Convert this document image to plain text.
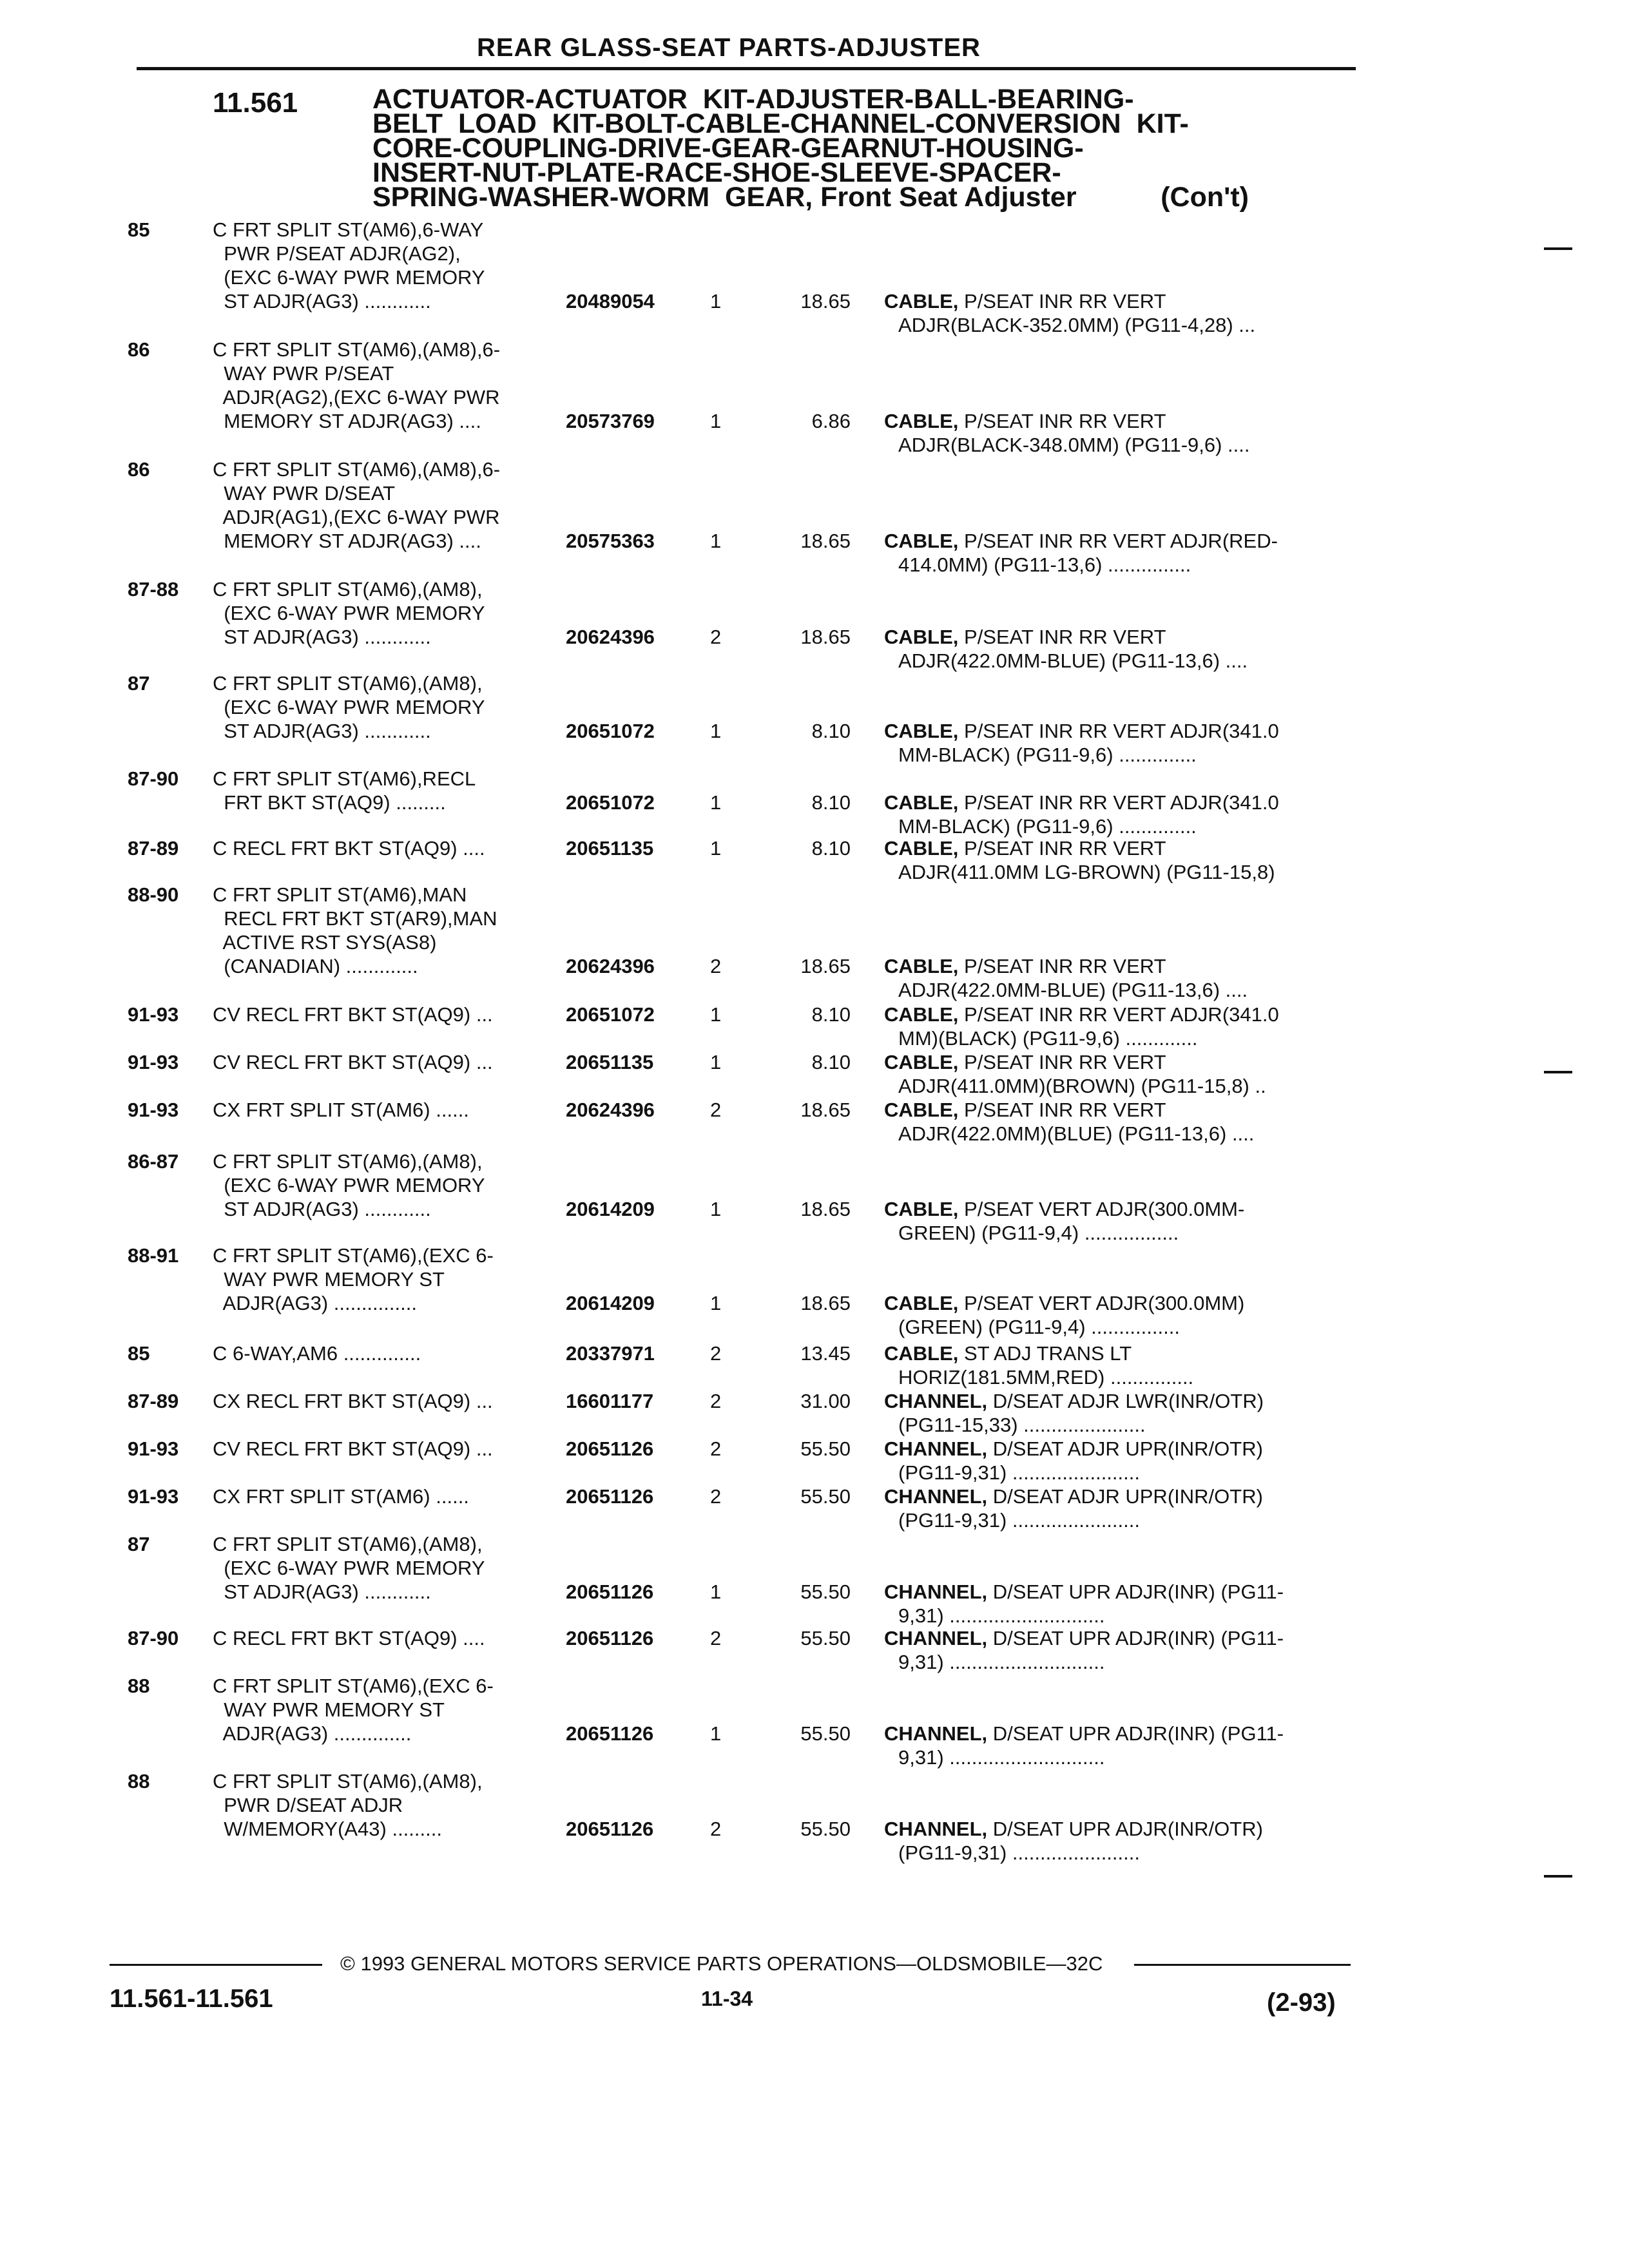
REAR GLASS-SEAT PARTS-ADJUSTER
11.561	ACTUATOR-ACTUATOR  KIT-ADJUSTER-BALL-BEARING-
BELT  LOAD  KIT-BOLT-CABLE-CHANNEL-CONVERSION  KIT-
CORE-COUPLING-DRIVE-GEAR-GEARNUT-HOUSING-
INSERT-NUT-PLATE-RACE-SHOE-SLEEVE-SPACER-
SPRING-WASHER-WORM  GEAR, Front Seat Adjuster	(Con't)
85	C FRT SPLIT ST(AM6),6-WAY
PWR P/SEAT ADJR(AG2),
(EXC 6-WAY PWR MEMORY
ST ADJR(AG3) ............	20489054	1	18.65 CABLE, P/SEAT INR RR VERT
ADJR(BLACK-352.0MM) (PG11-4,28) ...
86	C FRT SPLIT ST(AM6),(AM8),6-
WAY PWR P/SEAT
ADJR(AG2),(EXC 6-WAY PWR
MEMORY ST ADJR(AG3) ....	20573769	1	6.86 CABLE, P/SEAT INR RR VERT
ADJR(BLACK-348.0MM) (PG11-9,6) ....
86	C FRT SPLIT ST(AM6),(AM8),6-
WAY PWR D/SEAT
ADJR(AG1),(EXC 6-WAY PWR
MEMORY ST ADJR(AG3) ....	20575363	1	18.65 CABLE, P/SEAT INR RR VERT ADJR(RED-
414.0MM) (PG11-13,6) ...............
87-88 C FRT SPLIT ST(AM6),(AM8),
(EXC 6-WAY PWR MEMORY
ST ADJR(AG3) ............	20624396	2	18.65 CABLE, P/SEAT INR RR VERT
ADJR(422.0MM-BLUE) (PG11-13,6) ....
87	C FRT SPLIT ST(AM6),(AM8),
(EXC 6-WAY PWR MEMORY
ST ADJR(AG3) ............	20651072	1	8.10 CABLE, P/SEAT INR RR VERT ADJR(341.0
MM-BLACK) (PG11-9,6) ..............
87-90 C FRT SPLIT ST(AM6),RECL
FRT BKT ST(AQ9) .........	20651072	1	8.10 CABLE, P/SEAT INR RR VERT ADJR(341.0
MM-BLACK) (PG11-9,6) ..............
87-89 C RECL FRT BKT ST(AQ9) ....	20651135	1	8.10 CABLE, P/SEAT INR RR VERT
ADJR(411.0MM LG-BROWN) (PG11-15,8)
88-90 C FRT SPLIT ST(AM6),MAN
RECL FRT BKT ST(AR9),MAN
ACTIVE RST SYS(AS8)
(CANADIAN) .............	20624396	2	18.65 CABLE, P/SEAT INR RR VERT
ADJR(422.0MM-BLUE) (PG11-13,6) ....
91-93 CV RECL FRT BKT ST(AQ9) ...	20651072	1	8.10 CABLE, P/SEAT INR RR VERT ADJR(341.0
MM)(BLACK) (PG11-9,6) .............
91-93 CV RECL FRT BKT ST(AQ9) ...	20651135	1	8.10 CABLE, P/SEAT INR RR VERT
ADJR(411.0MM)(BROWN) (PG11-15,8) ..
91-93 CX FRT SPLIT ST(AM6) ......	20624396	2	18.65 CABLE, P/SEAT INR RR VERT
ADJR(422.0MM)(BLUE) (PG11-13,6) ....
86-87 C FRT SPLIT ST(AM6),(AM8),
(EXC 6-WAY PWR MEMORY
ST ADJR(AG3) ............	20614209	1	18.65 CABLE, P/SEAT VERT ADJR(300.0MM-
GREEN) (PG11-9,4) .................
88-91 C FRT SPLIT ST(AM6),(EXC 6-
WAY PWR MEMORY ST
ADJR(AG3) ...............	20614209	1	18.65 CABLE, P/SEAT VERT ADJR(300.0MM)
(GREEN) (PG11-9,4) ................
85	C 6-WAY,AM6 ..............	20337971	2	13.45 CABLE, ST ADJ TRANS LT
HORIZ(181.5MM,RED) ...............
87-89 CX RECL FRT BKT ST(AQ9) ...	16601177	2	31.00 CHANNEL, D/SEAT ADJR LWR(INR/OTR)
(PG11-15,33) ......................
91-93 CV RECL FRT BKT ST(AQ9) ...	20651126	2	55.50 CHANNEL, D/SEAT ADJR UPR(INR/OTR)
(PG11-9,31) .......................
91-93 CX FRT SPLIT ST(AM6) ......	20651126	2	55.50 CHANNEL, D/SEAT ADJR UPR(INR/OTR)
(PG11-9,31) .......................
87	C FRT SPLIT ST(AM6),(AM8),
(EXC 6-WAY PWR MEMORY
ST ADJR(AG3) ............	20651126	1	55.50 CHANNEL, D/SEAT UPR ADJR(INR) (PG11-
9,31) ............................
87-90 C RECL FRT BKT ST(AQ9) ....	20651126	2	55.50 CHANNEL, D/SEAT UPR ADJR(INR) (PG11-
9,31) ............................
88	C FRT SPLIT ST(AM6),(EXC 6-
WAY PWR MEMORY ST
ADJR(AG3) ..............	20651126	1	55.50 CHANNEL, D/SEAT UPR ADJR(INR) (PG11-
9,31) ............................
88	C FRT SPLIT ST(AM6),(AM8),
PWR D/SEAT ADJR
W/MEMORY(A43) .........	20651126	2	55.50 CHANNEL, D/SEAT UPR ADJR(INR/OTR)
(PG11-9,31) .......................
© 1993 GENERAL MOTORS SERVICE PARTS OPERATIONS—OLDSMOBILE—32C
11.561-11.561	11-34	(2-93)
